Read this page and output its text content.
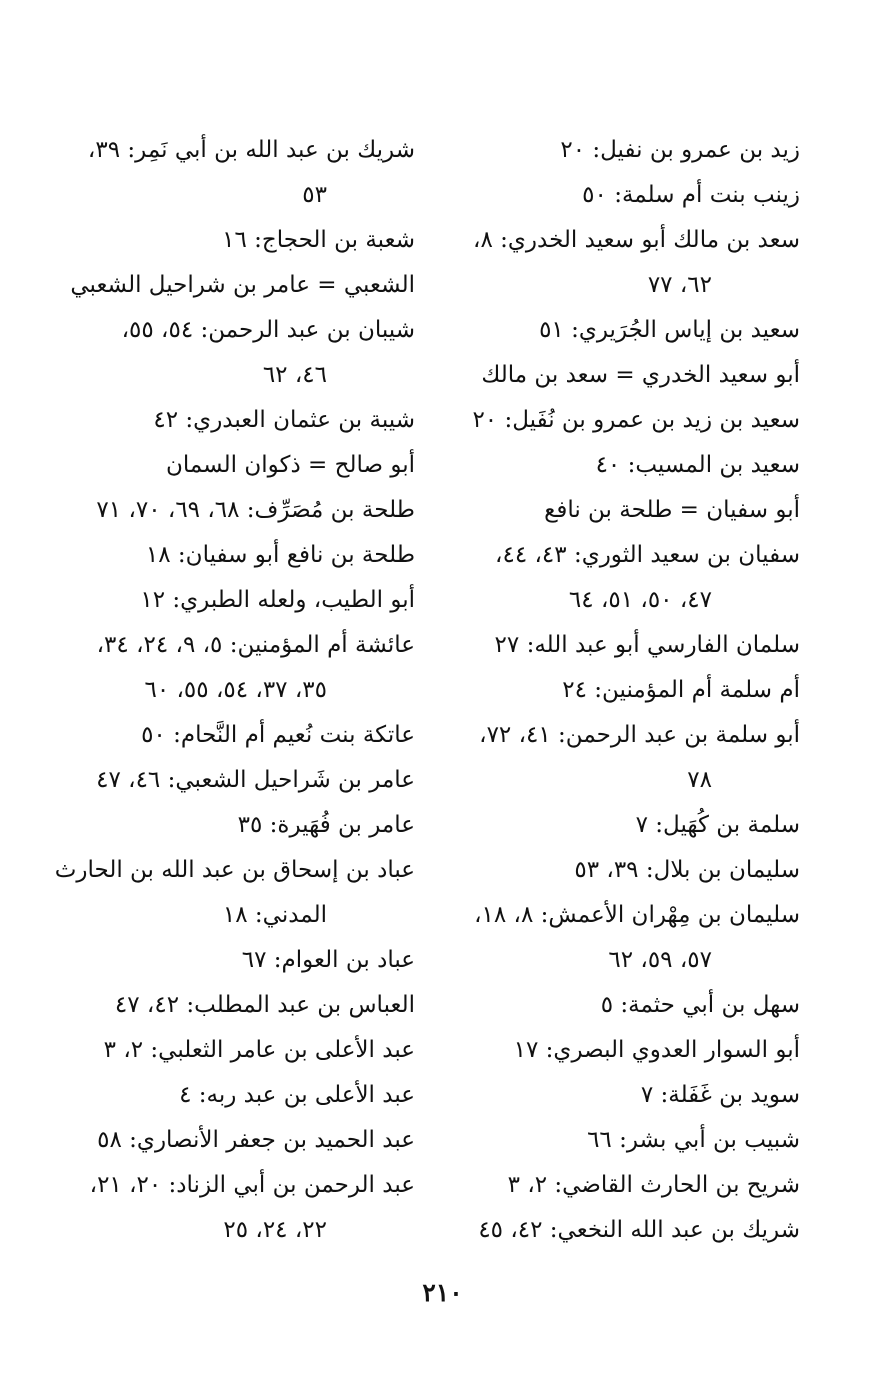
زيد بن عمرو بن نفيل: ٢٠
زينب بنت أم سلمة: ٥٠
سعد بن مالك أبو سعيد الخدري: ٨،
٦٢، ٧٧
سعيد بن إياس الجُرَيري: ٥١
أبو سعيد الخدري = سعد بن مالك
سعيد بن زيد بن عمرو بن نُفَيل: ٢٠
سعيد بن المسيب: ٤٠
أبو سفيان = طلحة بن نافع
سفيان بن سعيد الثوري: ٤٣، ٤٤،
٤٧، ٥٠، ٥١، ٦٤
سلمان الفارسي أبو عبد الله: ٢٧
أم سلمة أم المؤمنين: ٢٤
أبو سلمة بن عبد الرحمن: ٤١، ٧٢،
٧٨
سلمة بن كُهَيل: ٧
سليمان بن بلال: ٣٩، ٥٣
سليمان بن مِهْران الأعمش: ٨، ١٨،
٥٧، ٥٩، ٦٢
سهل بن أبي حثمة: ٥
أبو السوار العدوي البصري: ١٧
سويد بن غَفَلة: ٧
شبيب بن أبي بشر: ٦٦
شريح بن الحارث القاضي: ٢، ٣
شريك بن عبد الله النخعي: ٤٢، ٤٥
شريك بن عبد الله بن أبي نَمِر: ٣٩،
٥٣
شعبة بن الحجاج: ١٦
الشعبي = عامر بن شراحيل الشعبي
شيبان بن عبد الرحمن: ٥٤، ٥٥،
٤٦، ٦٢
شيبة بن عثمان العبدري: ٤٢
أبو صالح = ذكوان السمان
طلحة بن مُصَرِّف: ٦٨، ٦٩، ٧٠، ٧١
طلحة بن نافع أبو سفيان: ١٨
أبو الطيب، ولعله الطبري: ١٢
عائشة أم المؤمنين: ٥، ٩، ٢٤، ٣٤،
٣٥، ٣٧، ٥٤، ٥٥، ٦٠
عاتكة بنت نُعيم أم النَّحام: ٥٠
عامر بن شَراحيل الشعبي: ٤٦، ٤٧
عامر بن فُهَيرة: ٣٥
عباد بن إسحاق بن عبد الله بن الحارث
المدني: ١٨
عباد بن العوام: ٦٧
العباس بن عبد المطلب: ٤٢، ٤٧
عبد الأعلى بن عامر الثعلبي: ٢، ٣
عبد الأعلى بن عبد ربه: ٤
عبد الحميد بن جعفر الأنصاري: ٥٨
عبد الرحمن بن أبي الزناد: ٢٠، ٢١،
٢٢، ٢٤، ٢٥
٢١٠
